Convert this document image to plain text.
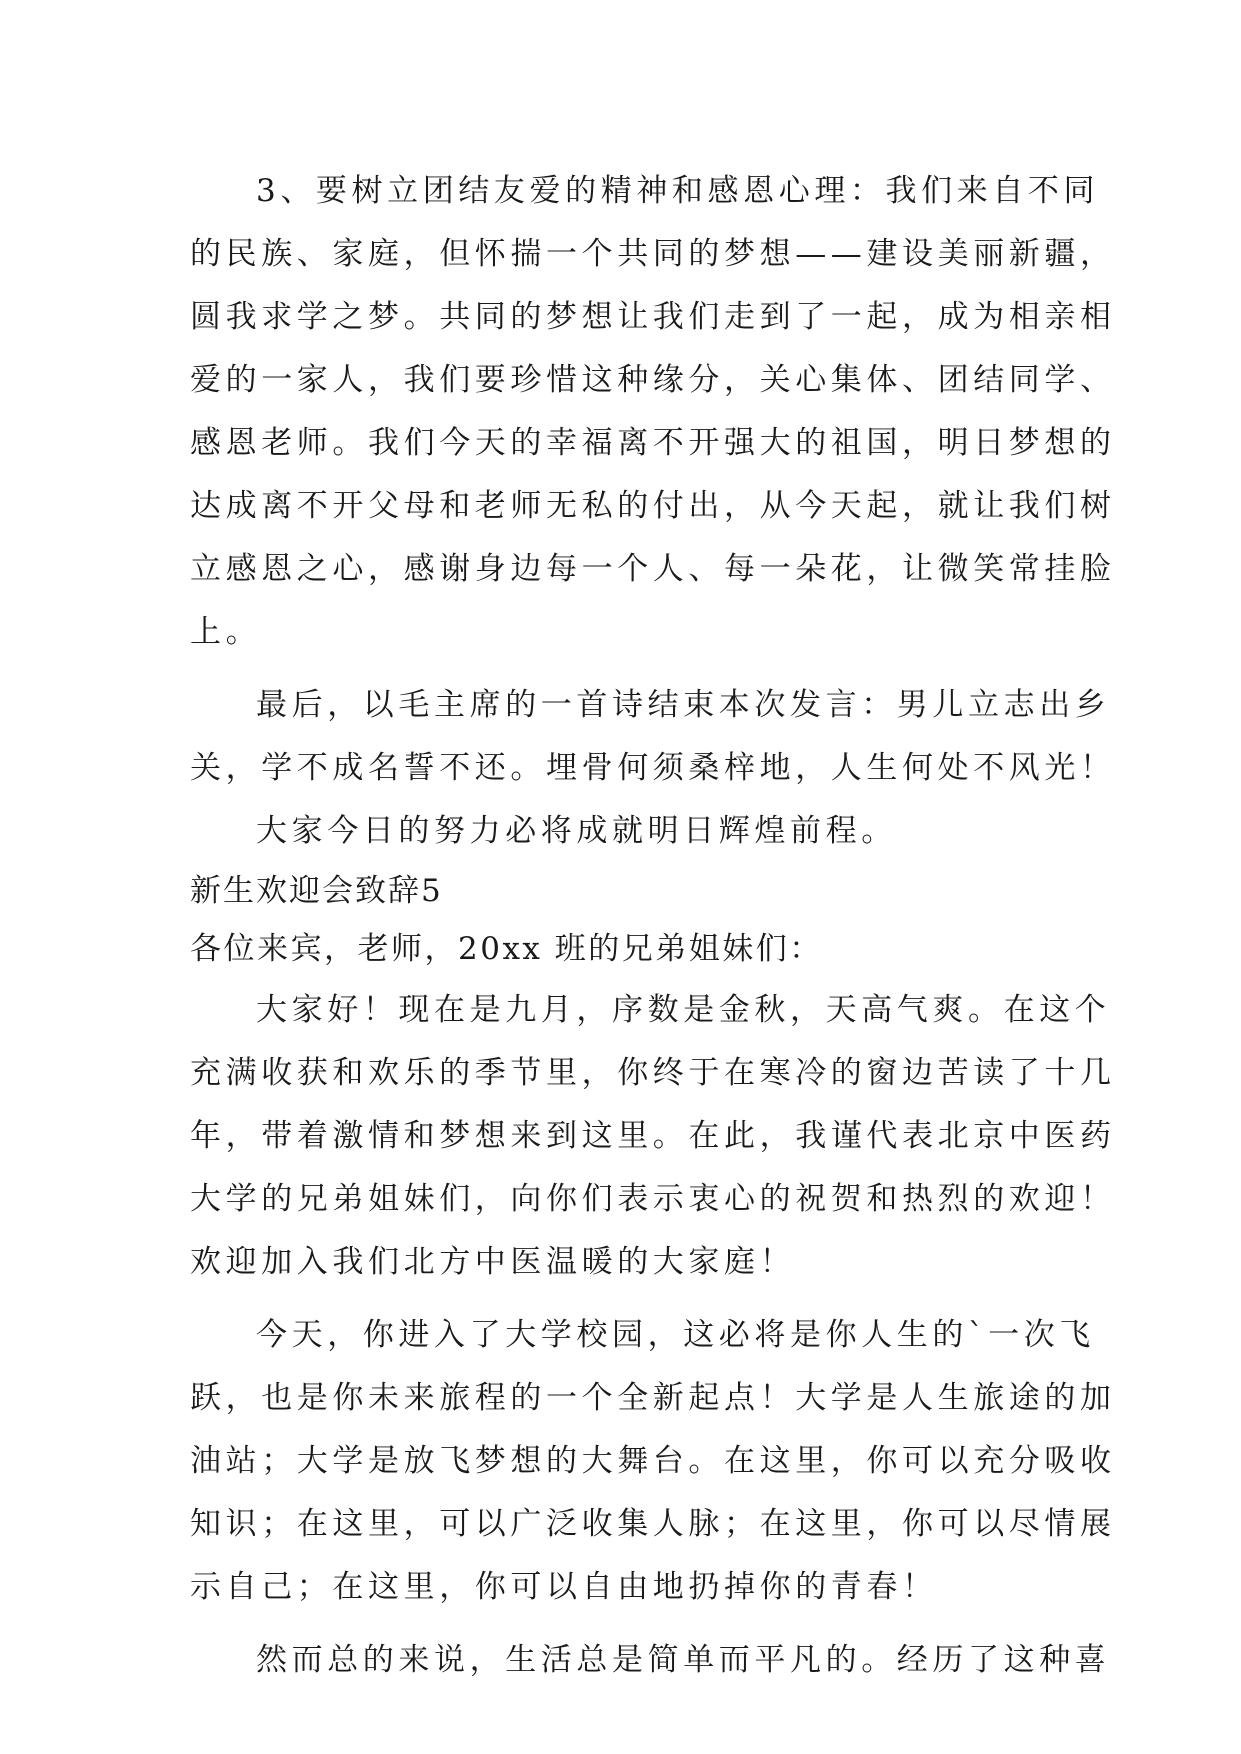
3、要树立团结友爱的精神和感恩心理：我们来自不同
的民族、家庭，但怀揣一个共同的梦想——建设美丽新疆，
圆我求学之梦。共同的梦想让我们走到了一起，成为相亲相
爱的一家人，我们要珍惜这种缘分，关心集体、团结同学、
感恩老师。我们今天的幸福离不开强大的祖国，明日梦想的
达成离不开父母和老师无私的付出，从今天起，就让我们树
立感恩之心，感谢身边每一个人、每一朵花，让微笑常挂脸
上。
最后，以毛主席的一首诗结束本次发言：男儿立志出乡
关，学不成名誓不还。埋骨何须桑梓地，人生何处不风光！
大家今日的努力必将成就明日辉煌前程。
新生欢迎会致辞5
各位来宾，老师，20xx 班的兄弟姐妹们：
大家好！现在是九月，序数是金秋，天高气爽。在这个
充满收获和欢乐的季节里，你终于在寒冷的窗边苦读了十几
年，带着激情和梦想来到这里。在此，我谨代表北京中医药
大学的兄弟姐妹们，向你们表示衷心的祝贺和热烈的欢迎！
欢迎加入我们北方中医温暖的大家庭！
今天，你进入了大学校园，这必将是你人生的`一次飞
跃，也是你未来旅程的一个全新起点！大学是人生旅途的加
油站；大学是放飞梦想的大舞台。在这里，你可以充分吸收
知识；在这里，可以广泛收集人脉；在这里，你可以尽情展
示自己；在这里，你可以自由地扔掉你的青春！
然而总的来说，生活总是简单而平凡的。经历了这种喜
